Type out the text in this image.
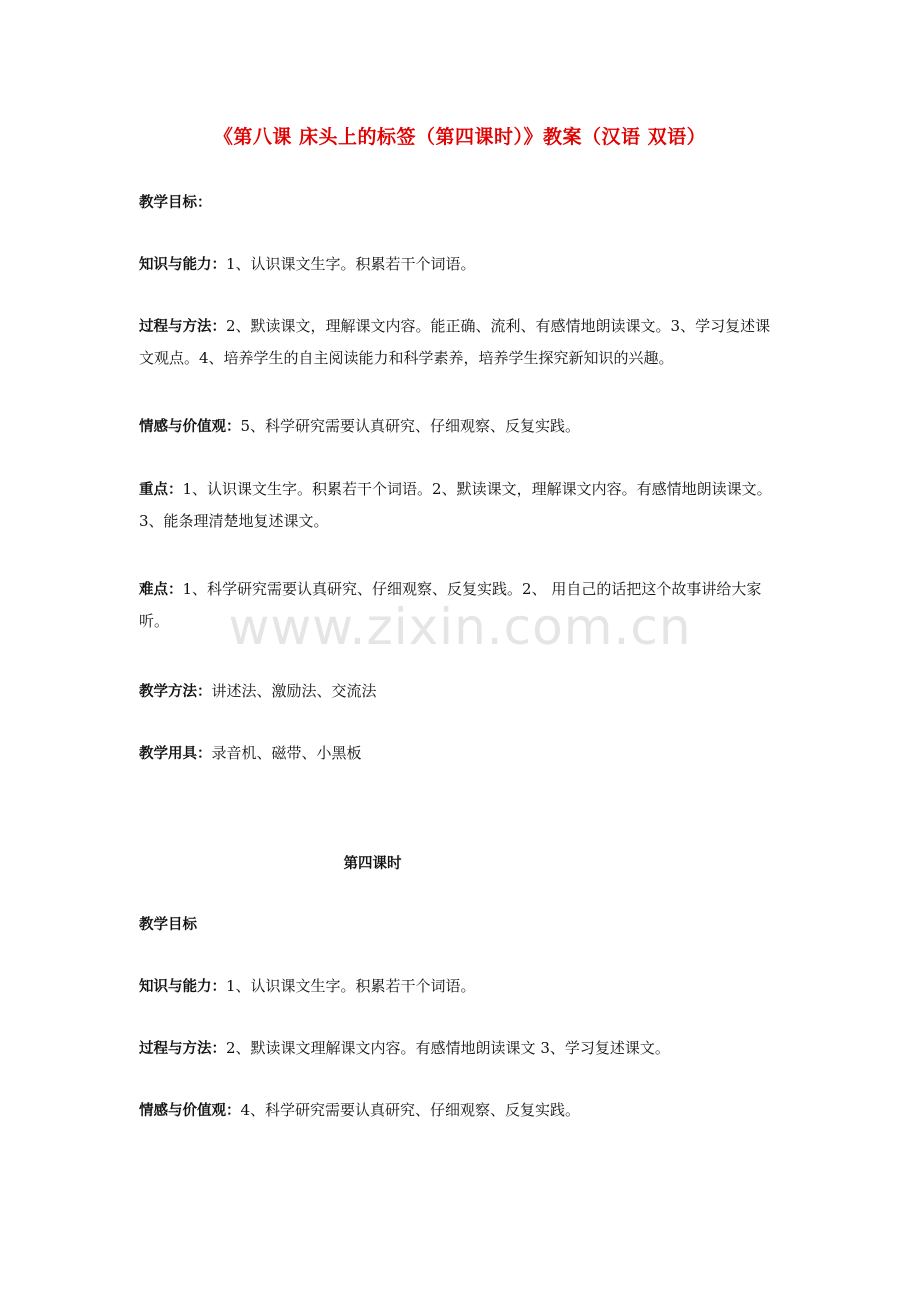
www.zixin.com.cn
《第八课 床头上的标签（第四课时）》教案（汉语 双语）

教学目标：

知识与能力：1、认识课文生字。积累若干个词语。

过程与方法：2、默读课文，理解课文内容。能正确、流利、有感情地朗读课文。3、学习复述课文观点。4、培养学生的自主阅读能力和科学素养，培养学生探究新知识的兴趣。

情感与价值观：5、科学研究需要认真研究、仔细观察、反复实践。

重点：1、认识课文生字。积累若干个词语。2、默读课文，理解课文内容。有感情地朗读课文。3、能条理清楚地复述课文。

难点：1、科学研究需要认真研究、仔细观察、反复实践。2、 用自己的话把这个故事讲给大家听。

教学方法：讲述法、激励法、交流法

教学用具：录音机、磁带、小黑板

第四课时

教学目标

知识与能力：1、认识课文生字。积累若干个词语。

过程与方法：2、默读课文理解课文内容。有感情地朗读课文 3、学习复述课文。

情感与价值观：4、科学研究需要认真研究、仔细观察、反复实践。
